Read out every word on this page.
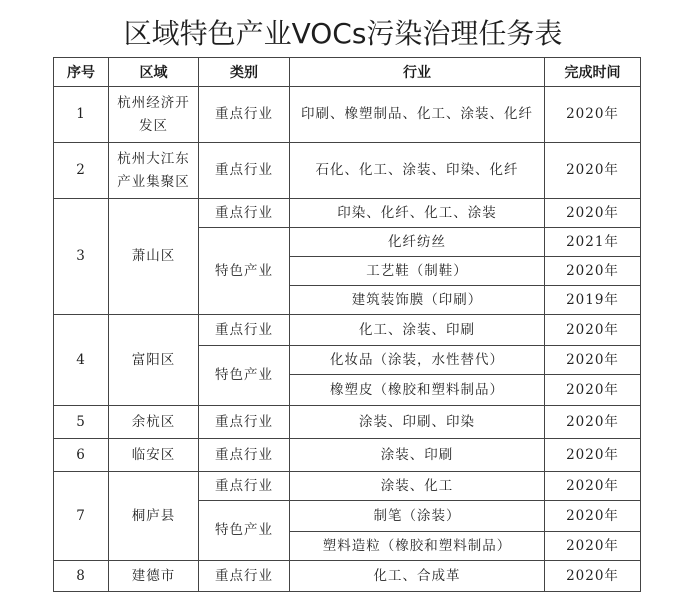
区域特色产业VOCs污染治理任务表
序号	区域	类别	行业	完成时间
1	杭州经济开发区	重点行业	印刷、橡塑制品、化工、涂装、化纤	2020年
2	杭州大江东产业集聚区	重点行业	石化、化工、涂装、印染、化纤	2020年
3	萧山区	重点行业	印染、化纤、化工、涂装	2020年
		特色产业	化纤纺丝	2021年
			工艺鞋（制鞋）	2020年
			建筑装饰膜（印刷）	2019年
4	富阳区	重点行业	化工、涂装、印刷	2020年
		特色产业	化妆品（涂装，水性替代）	2020年
			橡塑皮（橡胶和塑料制品）	2020年
5	余杭区	重点行业	涂装、印刷、印染	2020年
6	临安区	重点行业	涂装、印刷	2020年
7	桐庐县	重点行业	涂装、化工	2020年
		特色产业	制笔（涂装）	2020年
			塑料造粒（橡胶和塑料制品）	2020年
8	建德市	重点行业	化工、合成革	2020年
